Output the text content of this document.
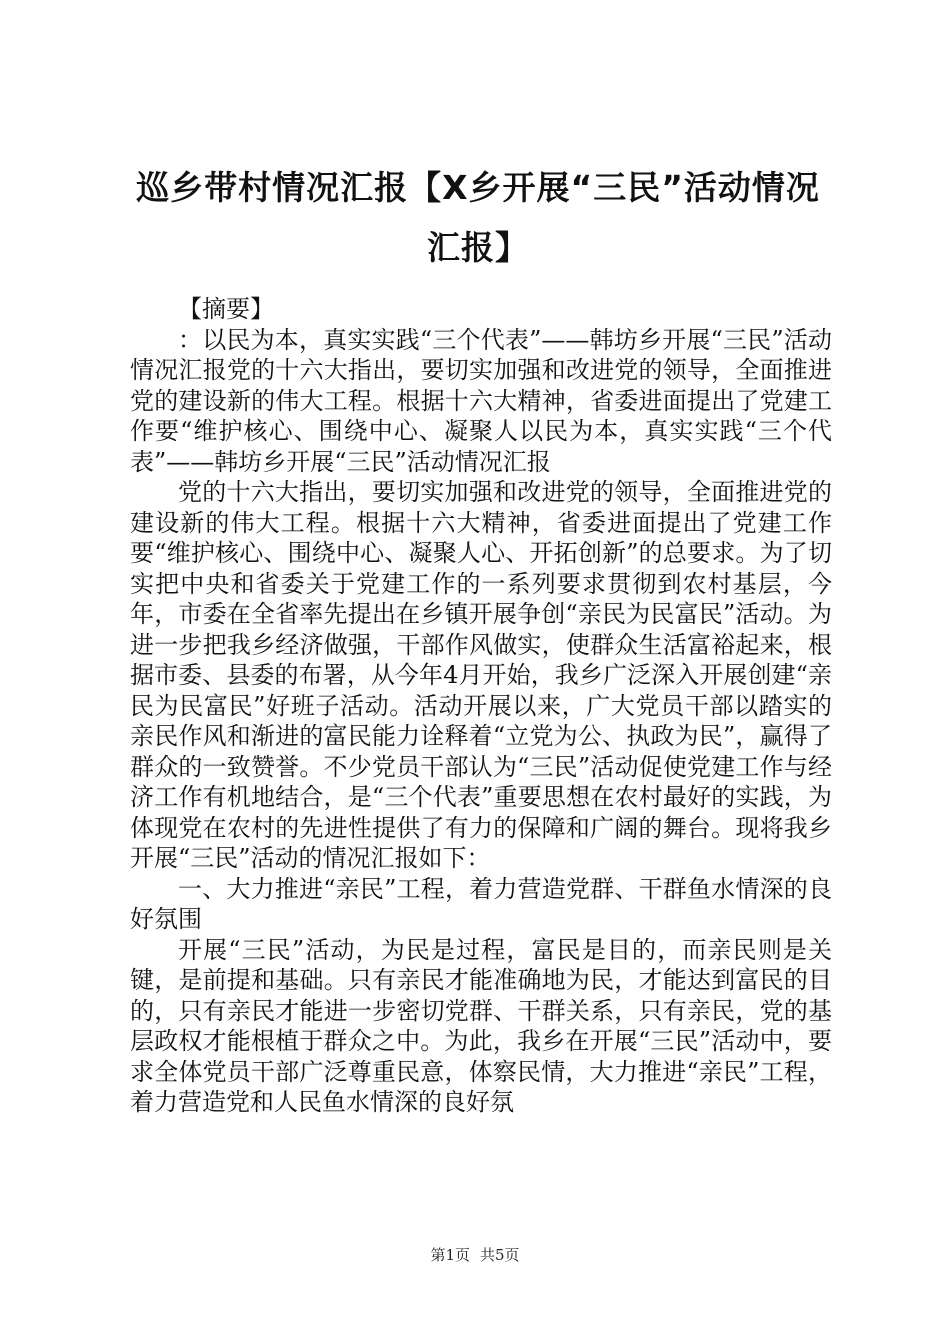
巡乡带村情况汇报【X乡开展“三民”活动情况汇报】

【摘要】

：以民为本，真实实践“三个代表”——韩坊乡开展“三民”活动情况汇报党的十六大指出，要切实加强和改进党的领导，全面推进党的建设新的伟大工程。根据十六大精神，省委进面提出了党建工作要“维护核心、围绕中心、凝聚人以民为本，真实实践“三个代表”——韩坊乡开展“三民”活动情况汇报

党的十六大指出，要切实加强和改进党的领导，全面推进党的建设新的伟大工程。根据十六大精神，省委进面提出了党建工作要“维护核心、围绕中心、凝聚人心、开拓创新”的总要求。为了切实把中央和省委关于党建工作的一系列要求贯彻到农村基层，今年，市委在全省率先提出在乡镇开展争创“亲民为民富民”活动。为进一步把我乡经济做强，干部作风做实，使群众生活富裕起来，根据市委、县委的布署，从今年4月开始，我乡广泛深入开展创建“亲民为民富民”好班子活动。活动开展以来，广大党员干部以踏实的亲民作风和渐进的富民能力诠释着“立党为公、执政为民”，赢得了群众的一致赞誉。不少党员干部认为“三民”活动促使党建工作与经济工作有机地结合，是“三个代表”重要思想在农村最好的实践，为体现党在农村的先进性提供了有力的保障和广阔的舞台。现将我乡开展“三民”活动的情况汇报如下：

一、大力推进“亲民”工程，着力营造党群、干群鱼水情深的良好氛围

开展“三民”活动，为民是过程，富民是目的，而亲民则是关键，是前提和基础。只有亲民才能准确地为民，才能达到富民的目的，只有亲民才能进一步密切党群、干群关系，只有亲民，党的基层政权才能根植于群众之中。为此，我乡在开展“三民”活动中，要求全体党员干部广泛尊重民意，体察民情，大力推进“亲民”工程，着力营造党和人民鱼水情深的良好氛

第1页 共5页
